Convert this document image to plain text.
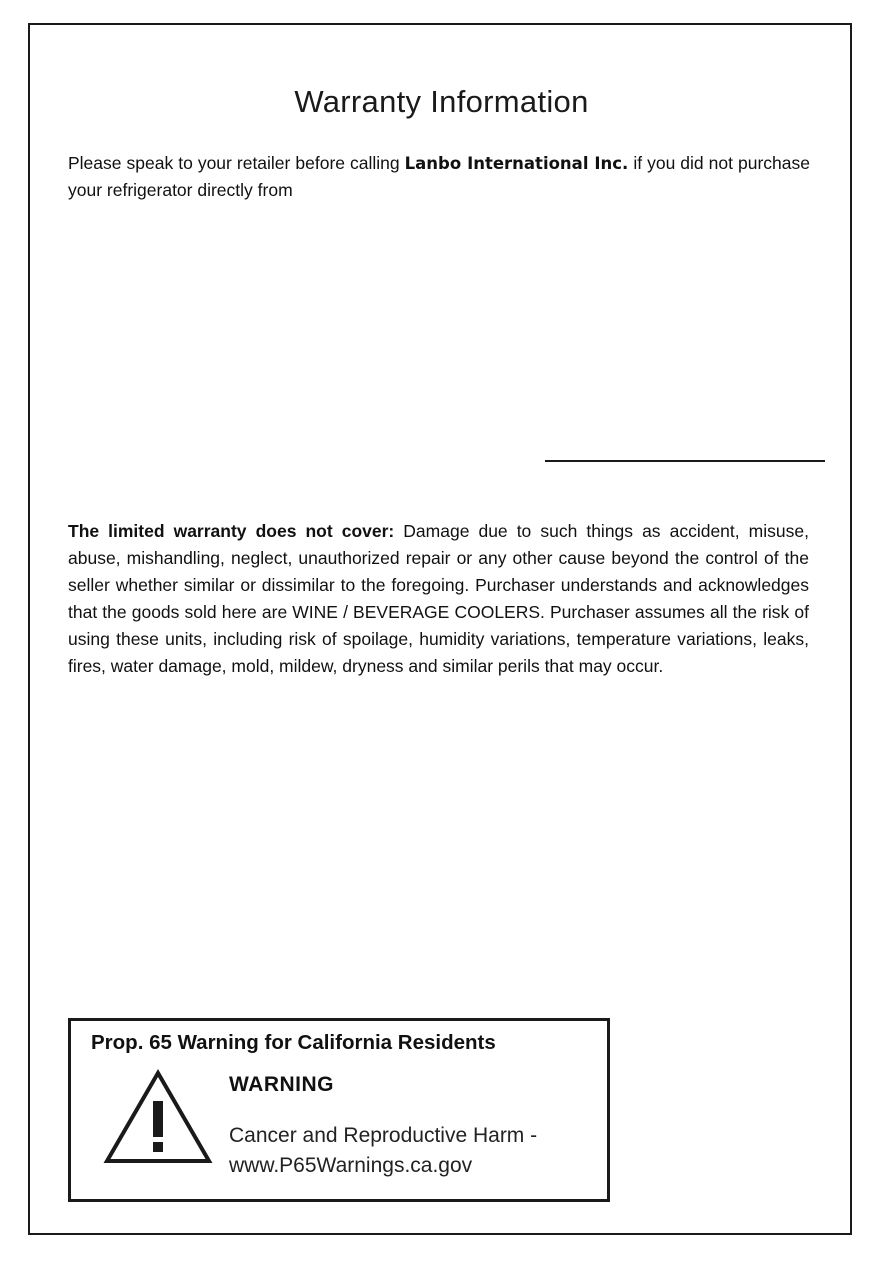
Warranty Information
Please speak to your retailer before calling Lanbo International Inc. if you did not purchase your refrigerator directly from
The limited warranty does not cover: Damage due to such things as accident, misuse, abuse, mishandling, neglect, unauthorized repair or any other cause beyond the control of the seller whether similar or dissimilar to the foregoing. Purchaser understands and acknowledges that the goods sold here are WINE / BEVERAGE COOLERS. Purchaser assumes all the risk of using these units, including risk of spoilage, humidity variations, temperature variations, leaks, fires, water damage, mold, mildew, dryness and similar perils that may occur.
Prop. 65 Warning for California Residents
WARNING
Cancer and Reproductive Harm -
www.P65Warnings.ca.gov
